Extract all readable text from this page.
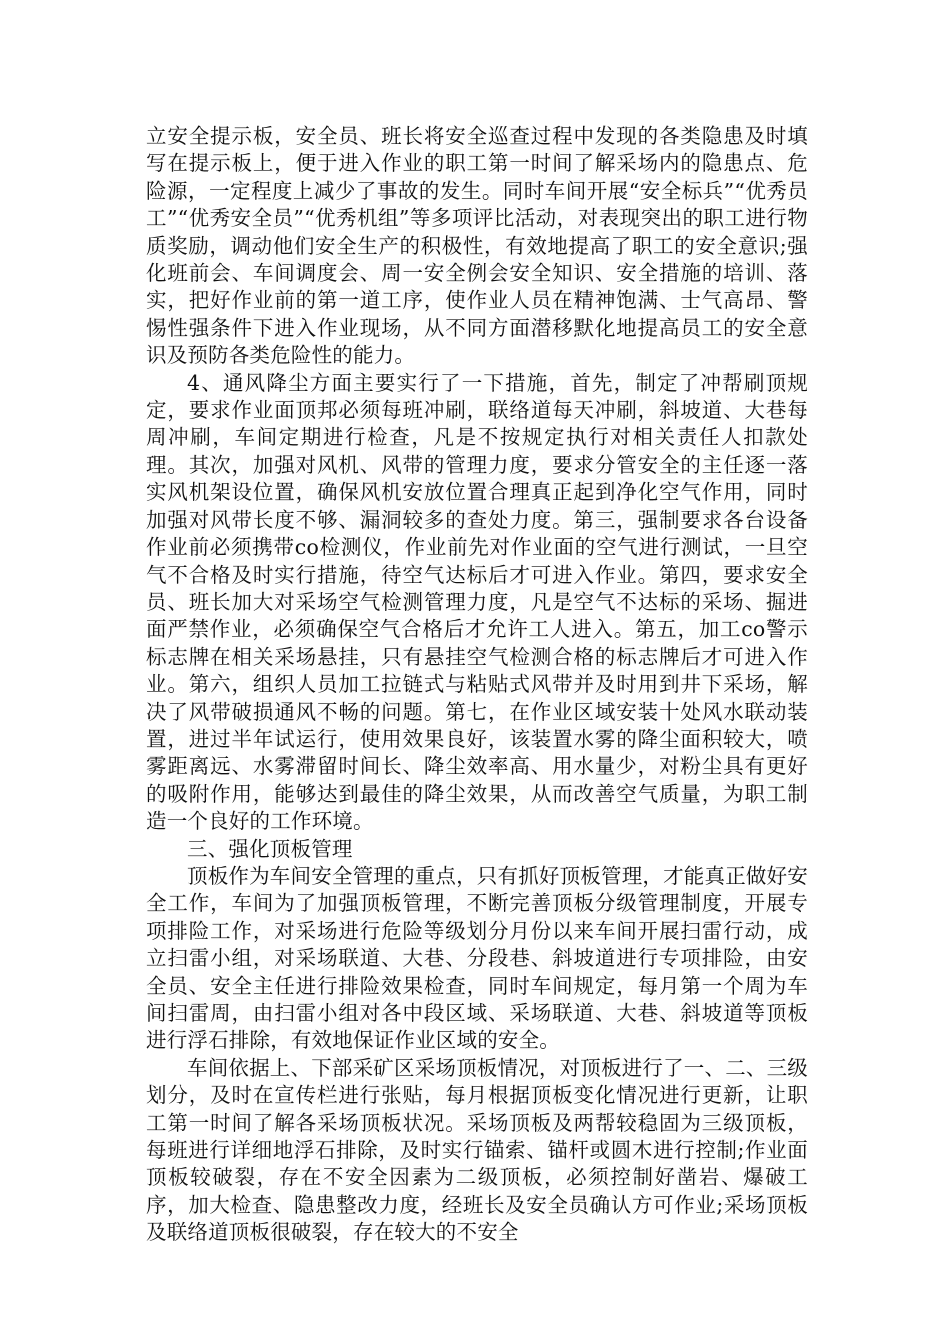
立安全提示板，安全员、班长将安全巡查过程中发现的各类隐患及时填写在提示板上，便于进入作业的职工第一时间了解采场内的隐患点、危险源，一定程度上减少了事故的发生。同时车间开展“安全标兵”“优秀员工”“优秀安全员”“优秀机组”等多项评比活动，对表现突出的职工进行物质奖励，调动他们安全生产的积极性，有效地提高了职工的安全意识;强化班前会、车间调度会、周一安全例会安全知识、安全措施的培训、落实，把好作业前的第一道工序，使作业人员在精神饱满、士气高昂、警惕性强条件下进入作业现场，从不同方面潜移默化地提高员工的安全意识及预防各类危险性的能力。

4、通风降尘方面主要实行了一下措施，首先，制定了冲帮刷顶规定，要求作业面顶邦必须每班冲刷，联络道每天冲刷，斜坡道、大巷每周冲刷，车间定期进行检查，凡是不按规定执行对相关责任人扣款处理。其次，加强对风机、风带的管理力度，要求分管安全的主任逐一落实风机架设位置，确保风机安放位置合理真正起到净化空气作用，同时加强对风带长度不够、漏洞较多的查处力度。第三，强制要求各台设备作业前必须携带co检测仪，作业前先对作业面的空气进行测试，一旦空气不合格及时实行措施，待空气达标后才可进入作业。第四，要求安全员、班长加大对采场空气检测管理力度，凡是空气不达标的采场、掘进面严禁作业，必须确保空气合格后才允许工人进入。第五，加工co警示标志牌在相关采场悬挂，只有悬挂空气检测合格的标志牌后才可进入作业。第六，组织人员加工拉链式与粘贴式风带并及时用到井下采场，解决了风带破损通风不畅的问题。第七，在作业区域安装十处风水联动装置，进过半年试运行，使用效果良好，该装置水雾的降尘面积较大，喷雾距离远、水雾滞留时间长、降尘效率高、用水量少，对粉尘具有更好的吸附作用，能够达到最佳的降尘效果，从而改善空气质量，为职工制造一个良好的工作环境。

三、强化顶板管理

顶板作为车间安全管理的重点，只有抓好顶板管理，才能真正做好安全工作，车间为了加强顶板管理，不断完善顶板分级管理制度，开展专项排险工作，对采场进行危险等级划分月份以来车间开展扫雷行动，成立扫雷小组，对采场联道、大巷、分段巷、斜坡道进行专项排险，由安全员、安全主任进行排险效果检查，同时车间规定，每月第一个周为车间扫雷周，由扫雷小组对各中段区域、采场联道、大巷、斜坡道等顶板进行浮石排除，有效地保证作业区域的安全。

车间依据上、下部采矿区采场顶板情况，对顶板进行了一、二、三级划分，及时在宣传栏进行张贴，每月根据顶板变化情况进行更新，让职工第一时间了解各采场顶板状况。采场顶板及两帮较稳固为三级顶板，每班进行详细地浮石排除，及时实行锚索、锚杆或圆木进行控制;作业面顶板较破裂，存在不安全因素为二级顶板，必须控制好凿岩、爆破工序，加大检查、隐患整改力度，经班长及安全员确认方可作业;采场顶板及联络道顶板很破裂，存在较大的不安全
